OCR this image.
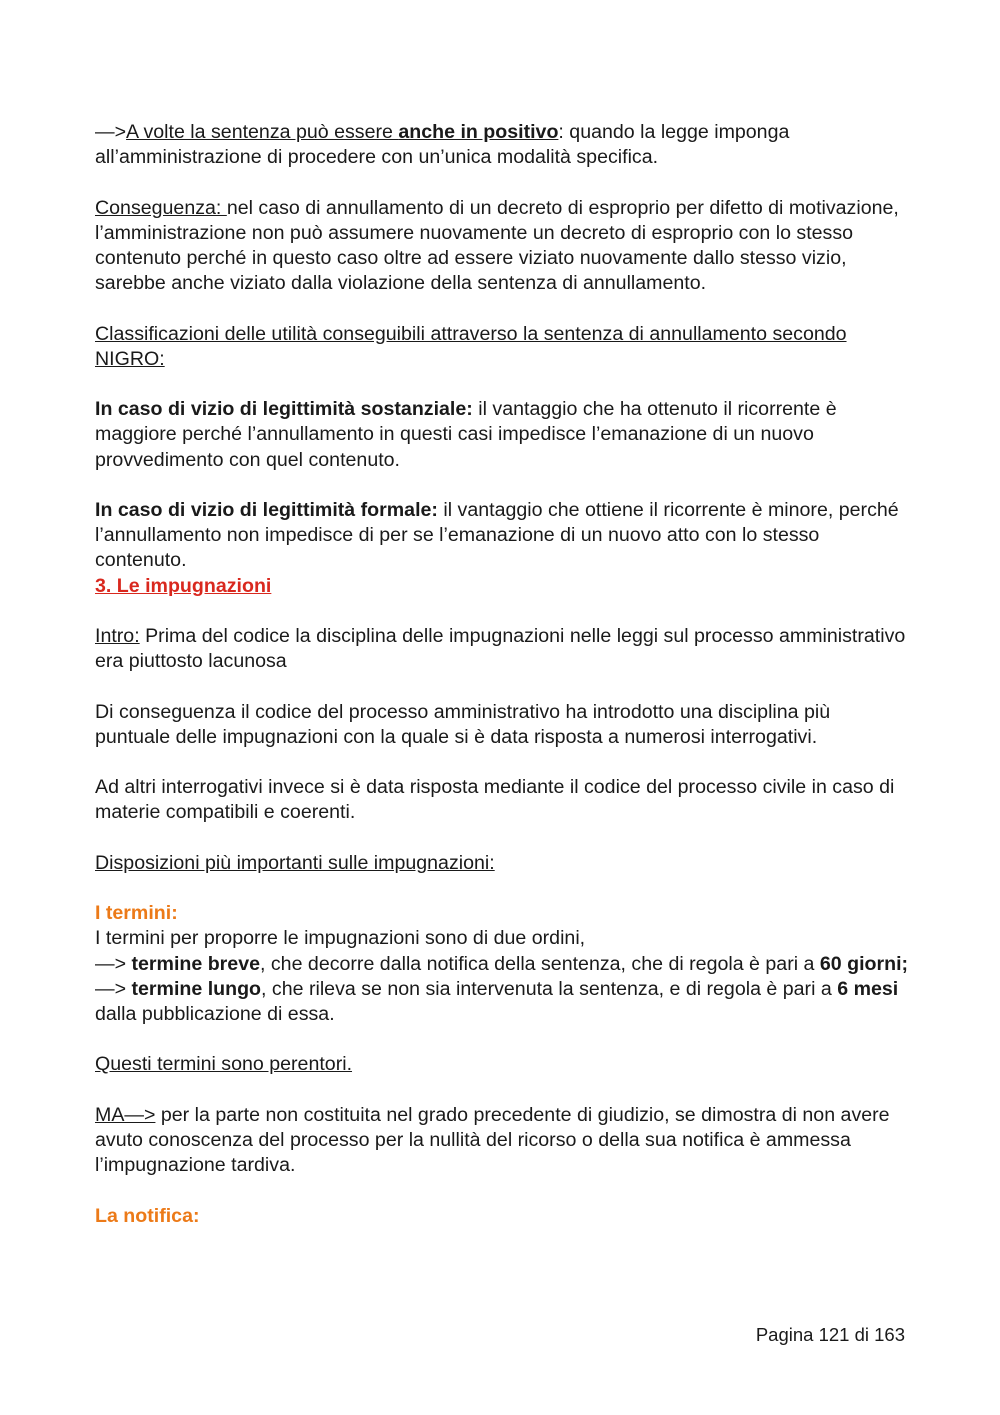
—>A volte la sentenza può essere anche in positivo: quando la legge imponga all’amministrazione di procedere con un’unica modalità specifica.

Conseguenza: nel caso di annullamento di un decreto di esproprio per difetto di motivazione, l’amministrazione non può assumere nuovamente un decreto di esproprio con lo stesso contenuto perché in questo caso oltre ad essere viziato nuovamente dallo stesso vizio, sarebbe anche viziato dalla violazione della sentenza di annullamento.

Classificazioni delle utilità conseguibili attraverso la sentenza di annullamento secondo NIGRO:

In caso di vizio di legittimità sostanziale: il vantaggio che ha ottenuto il ricorrente è maggiore perché l’annullamento in questi casi impedisce l’emanazione di un nuovo provvedimento con quel contenuto.

In caso di vizio di legittimità formale: il vantaggio che ottiene il ricorrente è minore, perché l’annullamento non impedisce di per se l’emanazione di un nuovo atto con lo stesso contenuto.

3. Le impugnazioni

Intro: Prima del codice la disciplina delle impugnazioni nelle leggi sul processo amministrativo era piuttosto lacunosa

Di conseguenza il codice del processo amministrativo ha introdotto una disciplina più puntuale delle impugnazioni con la quale si è data risposta a numerosi interrogativi.

Ad altri interrogativi invece si è data risposta mediante il codice del processo civile in caso di materie compatibili e coerenti.

Disposizioni più importanti sulle impugnazioni:

I termini:

I termini per proporre le impugnazioni sono di due ordini,

—> termine breve, che decorre dalla notifica della sentenza, che di regola è pari a 60 giorni;

—> termine lungo, che rileva se non sia intervenuta la sentenza, e di regola è pari a 6 mesi dalla pubblicazione di essa.

Questi termini sono perentori.

MA—> per la parte non costituita nel grado precedente di giudizio, se dimostra di non avere avuto conoscenza del processo per la nullità del ricorso o della sua notifica è ammessa l’impugnazione tardiva.

La notifica:

Pagina 121 di 163
